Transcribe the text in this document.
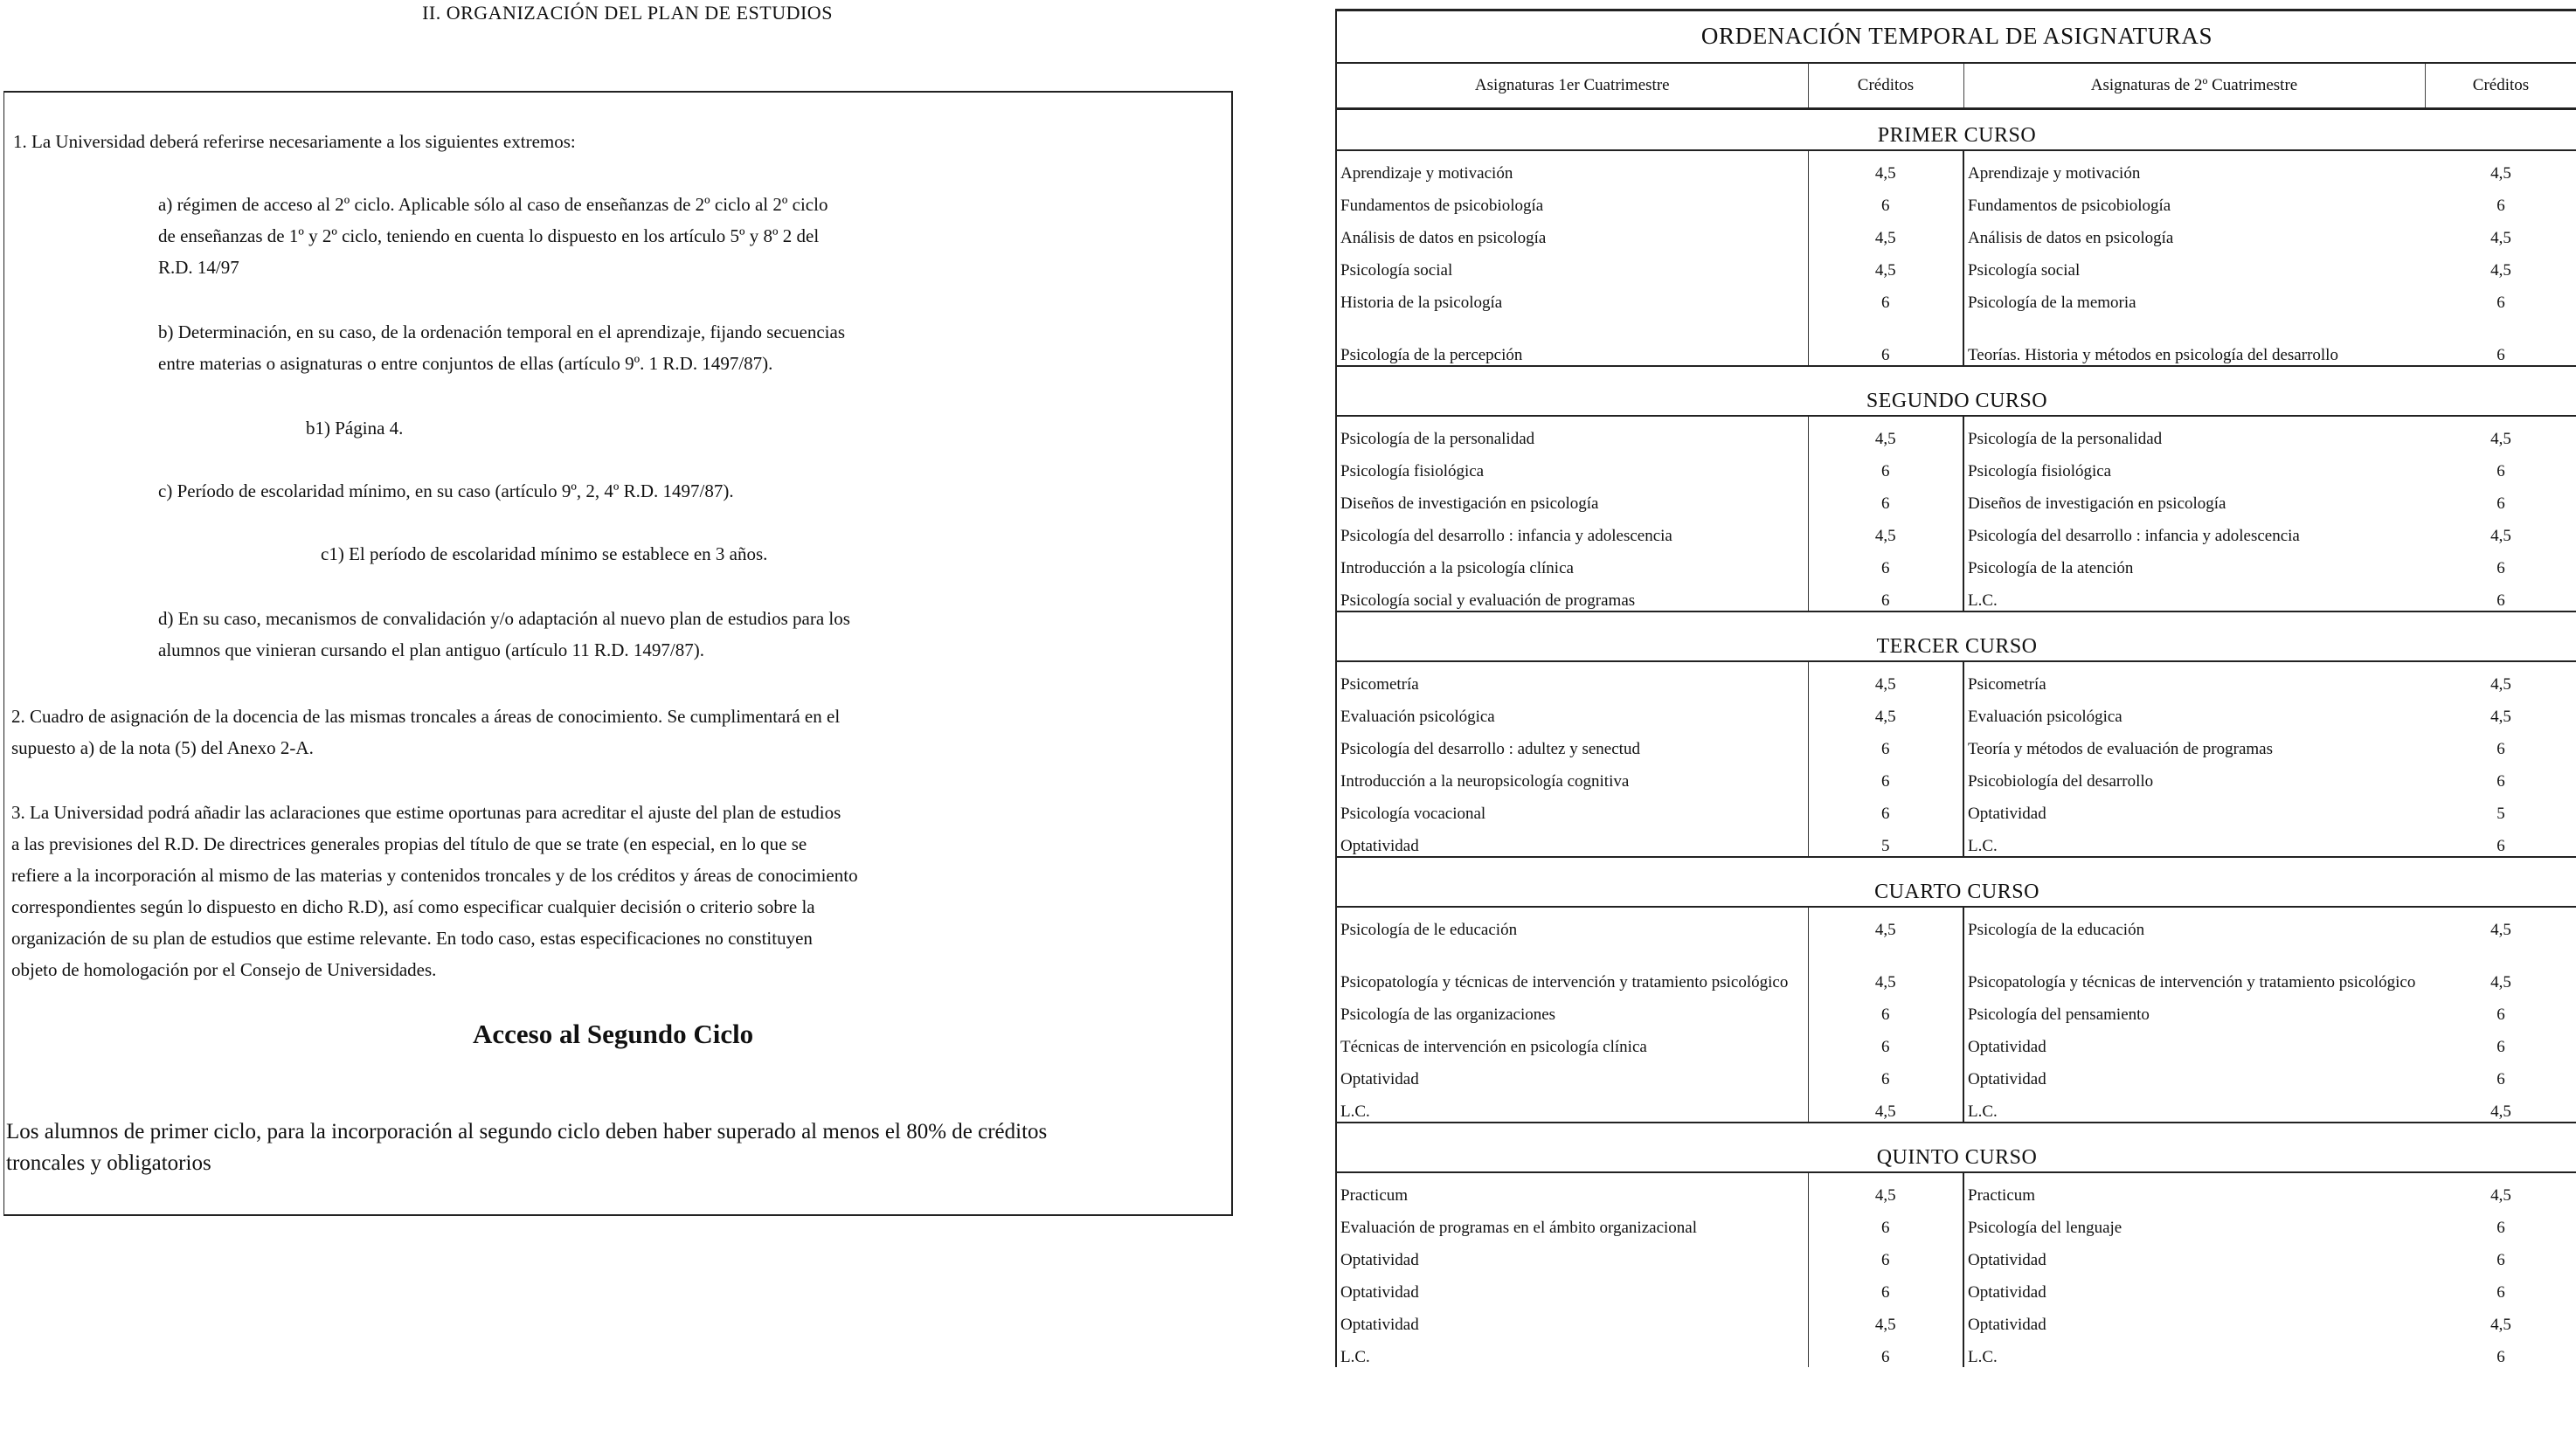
II. ORGANIZACIÓN DEL PLAN DE ESTUDIOS

1. La Universidad deberá referirse necesariamente a los siguientes extremos:

a) régimen de acceso al 2º ciclo. Aplicable sólo al caso de enseñanzas de 2º ciclo al 2º ciclo

de enseñanzas de 1º y 2º ciclo, teniendo en cuenta lo dispuesto en los artículo 5º y 8º 2 del

R.D. 14/97

b) Determinación, en su caso, de la ordenación temporal en el aprendizaje, fijando secuencias

entre materias o asignaturas o entre conjuntos de ellas (artículo 9º. 1 R.D. 1497/87).

b1) Página 4.

c) Período de escolaridad mínimo, en su caso (artículo 9º, 2, 4º R.D. 1497/87).

c1) El período de escolaridad mínimo se establece en 3 años.

d) En su caso, mecanismos de convalidación y/o adaptación al nuevo plan de estudios para los

alumnos que vinieran cursando el plan antiguo (artículo 11 R.D. 1497/87).

2. Cuadro de asignación de la docencia de las mismas troncales a áreas de conocimiento. Se cumplimentará en el

supuesto a) de la nota (5) del Anexo 2-A.

3. La Universidad podrá añadir las aclaraciones que estime oportunas para acreditar el ajuste del plan de estudios

a las previsiones del R.D. De directrices generales propias del título de que se trate (en especial, en lo que se

refiere a la incorporación al mismo de las materias y contenidos troncales y de los créditos y áreas de conocimiento

correspondientes según lo dispuesto en dicho R.D), así como especificar cualquier decisión o criterio sobre la

organización de su plan de estudios que estime relevante. En todo caso, estas especificaciones no constituyen

objeto de homologación por el Consejo de Universidades.

Acceso al Segundo Ciclo

Los alumnos de primer ciclo, para la incorporación al segundo ciclo deben haber superado al menos el 80% de créditos

troncales y obligatorios

ORDENACIÓN TEMPORAL DE ASIGNATURAS			
Asignaturas 1er Cuatrimestre	Créditos	Asignaturas de 2º Cuatrimestre	Créditos
PRIMER CURSO			
Aprendizaje y motivación	4,5	Aprendizaje y motivación	4,5
Fundamentos de psicobiología	6	Fundamentos de psicobiología	6
Análisis de datos en psicología	4,5	Análisis de datos en psicología	4,5
Psicología social	4,5	Psicología social	4,5
Historia de la psicología	6	Psicología de la memoria	6
Psicología de la percepción	6	Teorías. Historia y métodos en psicología del desarrollo	6

SEGUNDO CURSO			
Psicología de la personalidad	4,5	Psicología de la personalidad	4,5
Psicología fisiológica	6	Psicología fisiológica	6
Diseños de investigación en psicología	6	Diseños de investigación en psicología	6
Psicología del desarrollo : infancia y adolescencia	4,5	Psicología del desarrollo : infancia y adolescencia	4,5
Introducción a la psicología clínica	6	Psicología de la atención	6
Psicología social y evaluación de programas	6	L.C.	6

TERCER CURSO			
Psicometría	4,5	Psicometría	4,5
Evaluación psicológica	4,5	Evaluación psicológica	4,5
Psicología del desarrollo : adultez y senectud	6	Teoría y métodos de evaluación de programas	6
Introducción a la neuropsicología cognitiva	6	Psicobiología del desarrollo	6
Psicología vocacional	6	Optatividad	5
Optatividad	5	L.C.	6

CUARTO CURSO			
Psicología de le educación	4,5	Psicología de la educación	4,5
Psicopatología y técnicas de intervención y tratamiento psicológico	4,5	Psicopatología y técnicas de intervención y tratamiento psicológico	4,5
Psicología de las organizaciones	6	Psicología del pensamiento	6
Técnicas de intervención en psicología clínica	6	Optatividad	6
Optatividad	6	Optatividad	6
L.C.	4,5	L.C.	4,5

QUINTO CURSO			
Practicum	4,5	Practicum	4,5
Evaluación de programas en el ámbito organizacional	6	Psicología del lenguaje	6
Optatividad	6	Optatividad	6
Optatividad	6	Optatividad	6
Optatividad	4,5	Optatividad	4,5
L.C.	6	L.C.	6
